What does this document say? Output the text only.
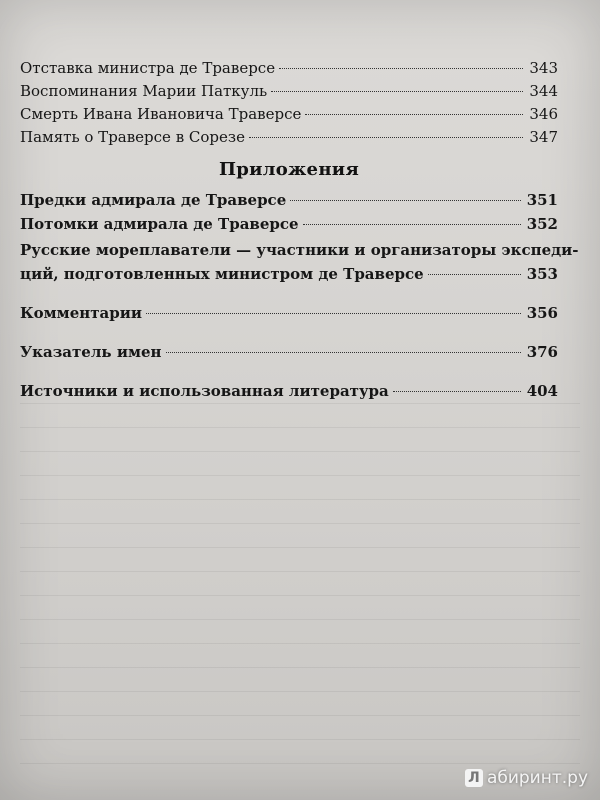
Отставка министра де Траверсе	343
Воспоминания Марии Паткуль	344
Смерть Ивана Ивановича Траверсе	346
Память о Траверсе в Сорезе	347
Приложения
Предки адмирала де Траверсе	351
Потомки адмирала де Траверсе	352
Русские мореплаватели — участники и организаторы экспеди-
ций, подготовленных министром де Траверсе	353
Комментарии	356
Указатель имен	376
Источники и использованная литература	404
Л абиринт.ру
